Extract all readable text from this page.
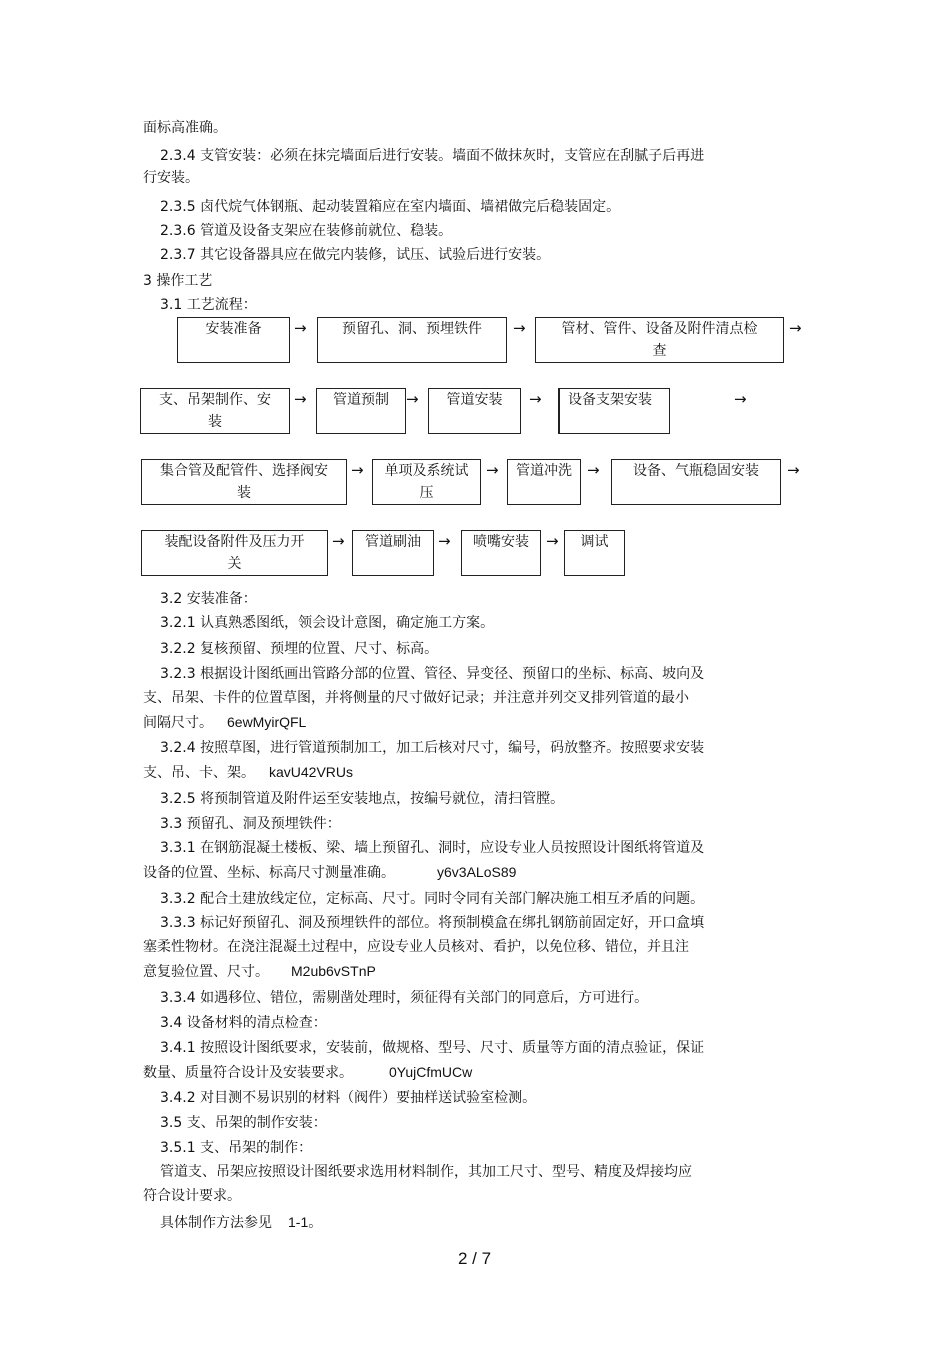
面标高准确。
2.3.4 支管安装：必须在抹完墙面后进行安装。墙面不做抹灰时，支管应在刮腻子后再进
行安装。
2.3.5 卤代烷气体钢瓶、起动装置箱应在室内墙面、墙裙做完后稳装固定。
2.3.6 管道及设备支架应在装修前就位、稳装。
2.3.7 其它设备器具应在做完内装修，试压、试验后进行安装。
3 操作工艺
3.1 工艺流程：
安装准备	→	预留孔、洞、预埋铁件	→	管材、管件、设备及附件清点检
查
→
支、吊架制作、安
装
→	管道预制	→	管道安装	→ 设备支架安装	→
集合管及配管件、选择阀安
装
→	单项及系统试
压
→	管道冲洗	→	设备、气瓶稳固安装	→
装配设备附件及压力开
关
→	管道刷油	→	喷嘴安装	→	调试
3.2 安装准备：
3.2.1 认真熟悉图纸，领会设计意图，确定施工方案。
3.2.2 复核预留、预埋的位置、尺寸、标高。
3.2.3 根据设计图纸画出管路分部的位置、管径、异变径、预留口的坐标、标高、坡向及
支、吊架、卡件的位置草图，并将侧量的尺寸做好记录；并注意并列交叉排列管道的最小
间隔尺寸。 6ewMyirQFL
3.2.4 按照草图，进行管道预制加工，加工后核对尺寸，编号，码放整齐。按照要求安装
支、吊、卡、架。 kavU42VRUs
3.2.5 将预制管道及附件运至安装地点，按编号就位，清扫管膛。
3.3 预留孔、洞及预埋铁件：
3.3.1 在钢筋混凝土楼板、梁、墙上预留孔、洞时，应设专业人员按照设计图纸将管道及
设备的位置、坐标、标高尺寸测量准确。	y6v3ALoS89
3.3.2 配合土建放线定位，定标高、尺寸。同时令同有关部门解决施工相互矛盾的问题。
3.3.3 标记好预留孔、洞及预埋铁件的部位。将预制模盒在绑扎钢筋前固定好，开口盒填
塞柔性物材。在浇注混凝土过程中，应设专业人员核对、看护，以免位移、错位，并且注
意复验位置、尺寸。 M2ub6vSTnP
3.3.4 如遇移位、错位，需剔凿处理时，须征得有关部门的同意后，方可进行。
3.4 设备材料的清点检查：
3.4.1 按照设计图纸要求，安装前，做规格、型号、尺寸、质量等方面的清点验证，保证
数量、质量符合设计及安装要求。	0YujCfmUCw
3.4.2 对目测不易识别的材料（阀件）要抽样送试验室检测。
3.5 支、吊架的制作安装：
3.5.1 支、吊架的制作：
管道支、吊架应按照设计图纸要求选用材料制作，其加工尺寸、型号、精度及焊接均应
符合设计要求。
具体制作方法参见 1-1。
2 / 7
